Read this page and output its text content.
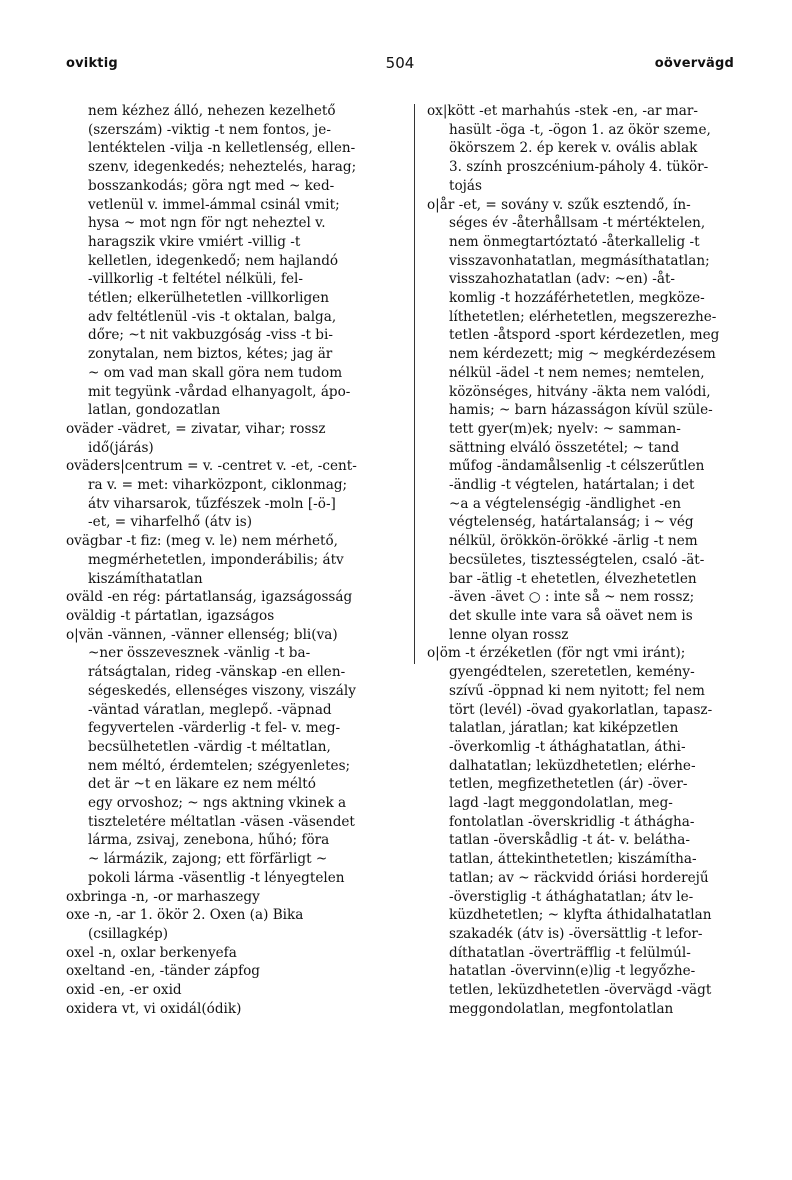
oviktig	504	oövervägd
nem kézhez álló, nehezen kezelhető
(szerszám) -viktig -t nem fontos, je-
lentéktelen -vilja -n kelletlenség, ellen-
szenv, idegenkedés; neheztelés, harag;
bosszankodás; göra ngt med ~ ked-
vetlenül v. immel-ámmal csinál vmit;
hysa ~ mot ngn för ngt neheztel v.
haragszik vkire vmiért -villig -t
kelletlen, idegenkedő; nem hajlandó
-villkorlig -t feltétel nélküli, fel-
tétlen; elkerülhetetlen -villkorligen
adv feltétlenül -vis -t oktalan, balga,
dőre; ~t nit vakbuzgóság -viss -t bi-
zonytalan, nem biztos, kétes; jag är
~ om vad man skall göra nem tudom
mit tegyünk -vårdad elhanyagolt, ápo-
latlan, gondozatlan
oväder -vädret, = zivatar, vihar; rossz
idő(járás)
oväders|centrum = v. -centret v. -et, -cent-
ra v. = met: viharközpont, ciklonmag;
átv viharsarok, tűzfészek -moln [-ö-]
-et, = viharfelhő (átv is)
ovägbar -t fiz: (meg v. le) nem mérhető,
megmérhetetlen, imponderábilis; átv
kiszámíthatatlan
oväld -en rég: pártatlanság, igazságosság
oväldig -t pártatlan, igazságos
o|vän -vännen, -vänner ellenség; bli(va)
~ner összevesznek -vänlig -t ba-
rátságtalan, rideg -vänskap -en ellen-
ségeskedés, ellenséges viszony, viszály
-väntad váratlan, meglepő. -väpnad
fegyvertelen -värderlig -t fel- v. meg-
becsülhetetlen -värdig -t méltatlan,
nem méltó, érdemtelen; szégyenletes;
det är ~t en läkare ez nem méltó
egy orvoshoz; ~ ngs aktning vkinek a
tiszteletére méltatlan -väsen -väsendet
lárma, zsivaj, zenebona, hűhó; föra
~ lármázik, zajong; ett förfärligt ~
pokoli lárma -väsentlig -t lényegtelen
oxbringa -n, -or marhaszegy
oxe -n, -ar 1. ökör 2. Oxen (a) Bika
(csillagkép)
oxel -n, oxlar berkenyefa
oxeltand -en, -tänder zápfog
oxid -en, -er oxid
oxidera vt, vi oxidál(ódik)
ox|kött -et marhahús -stek -en, -ar mar-
hasült -öga -t, -ögon 1. az ökör szeme,
ökörszem 2. ép kerek v. ovális ablak
3. szính proszcénium-páholy 4. tükör-
tojás
o|år -et, = sovány v. szűk esztendő, ín-
séges év -återhållsam -t mértéktelen,
nem önmegtartóztató -återkallelig -t
visszavonhatatlan, megmásíthatatlan;
visszahozhatatlan (adv: ~en) -åt-
komlig -t hozzáférhetetlen, megköze-
líthetetlen; elérhetetlen, megszerezhe-
tetlen -åtspord -sport kérdezetlen, meg
nem kérdezett; mig ~ megkérdezésem
nélkül -ädel -t nem nemes; nemtelen,
közönséges, hitvány -äkta nem valódi,
hamis; ~ barn házasságon kívül szüle-
tett gyer(m)ek; nyelv: ~ samman-
sättning elváló összetétel; ~ tand
műfog -ändamålsenlig -t célszerűtlen
-ändlig -t végtelen, határtalan; i det
~a a végtelenségig -ändlighet -en
végtelenség, határtalanság; i ~ vég
nélkül, örökkön-örökké -ärlig -t nem
becsületes, tisztességtelen, csaló -ät-
bar -ätlig -t ehetetlen, élvezhetetlen
-även -ävet ○ : inte så ~ nem rossz;
det skulle inte vara så oävet nem is
lenne olyan rossz
o|öm -t érzéketlen (för ngt vmi iránt);
gyengédtelen, szeretetlen, kemény-
szívű -öppnad ki nem nyitott; fel nem
tört (levél) -övad gyakorlatlan, tapasz-
talatlan, járatlan; kat kiképzetlen
-överkomlig -t áthághatatlan, áthi-
dalhatatlan; leküzdhetetlen; elérhe-
tetlen, megfizethetetlen (ár) -över-
lagd -lagt meggondolatlan, meg-
fontolatlan -överskridlig -t áthágha-
tatlan -överskådlig -t át- v. belátha-
tatlan, áttekinthetetlen; kiszámítha-
tatlan; av ~ räckvidd óriási horderejű
-överstiglig -t áthághatatlan; átv le-
küzdhetetlen; ~ klyfta áthidalhatatlan
szakadék (átv is) -översättlig -t lefor-
díthatatlan -överträfflig -t felülmúl-
hatatlan -övervinn(e)lig -t legyőzhe-
tetlen, leküzdhetetlen -övervägd -vägt
meggondolatlan, megfontolatlan
